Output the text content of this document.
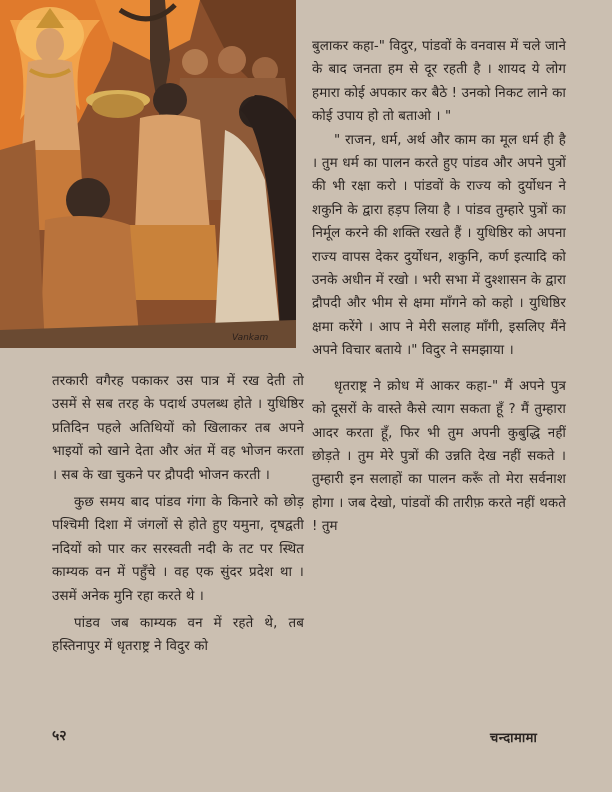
Vankam

बुलाकर कहा-" विदुर, पांडवों के वनवास में चले जाने के बाद जनता हम से दूर रहती है । शायद ये लोग हमारा कोई अपकार कर बैठे ! उनको निकट लाने का कोई उपाय हो तो बताओ । "

" राजन, धर्म, अर्थ और काम का मूल धर्म ही है । तुम धर्म का पालन करते हुए पांडव और अपने पुत्रों की भी रक्षा करो । पांडवों के राज्य को दुर्योधन ने शकुनि के द्वारा हड़प लिया है । पांडव तुम्हारे पुत्रों का निर्मूल करने की शक्ति रखते हैं । युधिष्ठिर को अपना राज्य वापस देकर दुर्योधन, शकुनि, कर्ण इत्यादि को उनके अधीन में रखो । भरी सभा में दुश्शासन के द्वारा द्रौपदी और भीम से क्षमा माँगने को कहो । युधिष्ठिर क्षमा करेंगे । आप ने मेरी सलाह माँगी, इसलिए मैंने अपने विचार बताये ।" विदुर ने समझाया ।

धृतराष्ट्र ने क्रोध में आकर कहा-" मैं अपने पुत्र को दूसरों के वास्ते कैसे त्याग सकता हूँ ? मैं तुम्हारा आदर करता हूँ, फिर भी तुम अपनी कुबुद्धि नहीं छोड़ते । तुम मेरे पुत्रों की उन्नति देख नहीं सकते । तुम्हारी इन सलाहों का पालन करूँ तो मेरा सर्वनाश होगा । जब देखो, पांडवों की तारीफ़ करते नहीं थकते ! तुम

तरकारी वगैरह पकाकर उस पात्र में रख देती तो उसमें से सब तरह के पदार्थ उपलब्ध होते । युधिष्ठिर प्रतिदिन पहले अतिथियों को खिलाकर तब अपने भाइयों को खाने देता और अंत में वह भोजन करता । सब के खा चुकने पर द्रौपदी भोजन करती ।

कुछ समय बाद पांडव गंगा के किनारे को छोड़ पश्चिमी दिशा में जंगलों से होते हुए यमुना, दृषद्वती नदियों को पार कर सरस्वती नदी के तट पर स्थित काम्यक वन में पहुँचे । वह एक सुंदर प्रदेश था । उसमें अनेक मुनि रहा करते थे ।

पांडव जब काम्यक वन में रहते थे, तब हस्तिनापुर में धृतराष्ट्र ने विदुर को

५२	चन्दामामा
